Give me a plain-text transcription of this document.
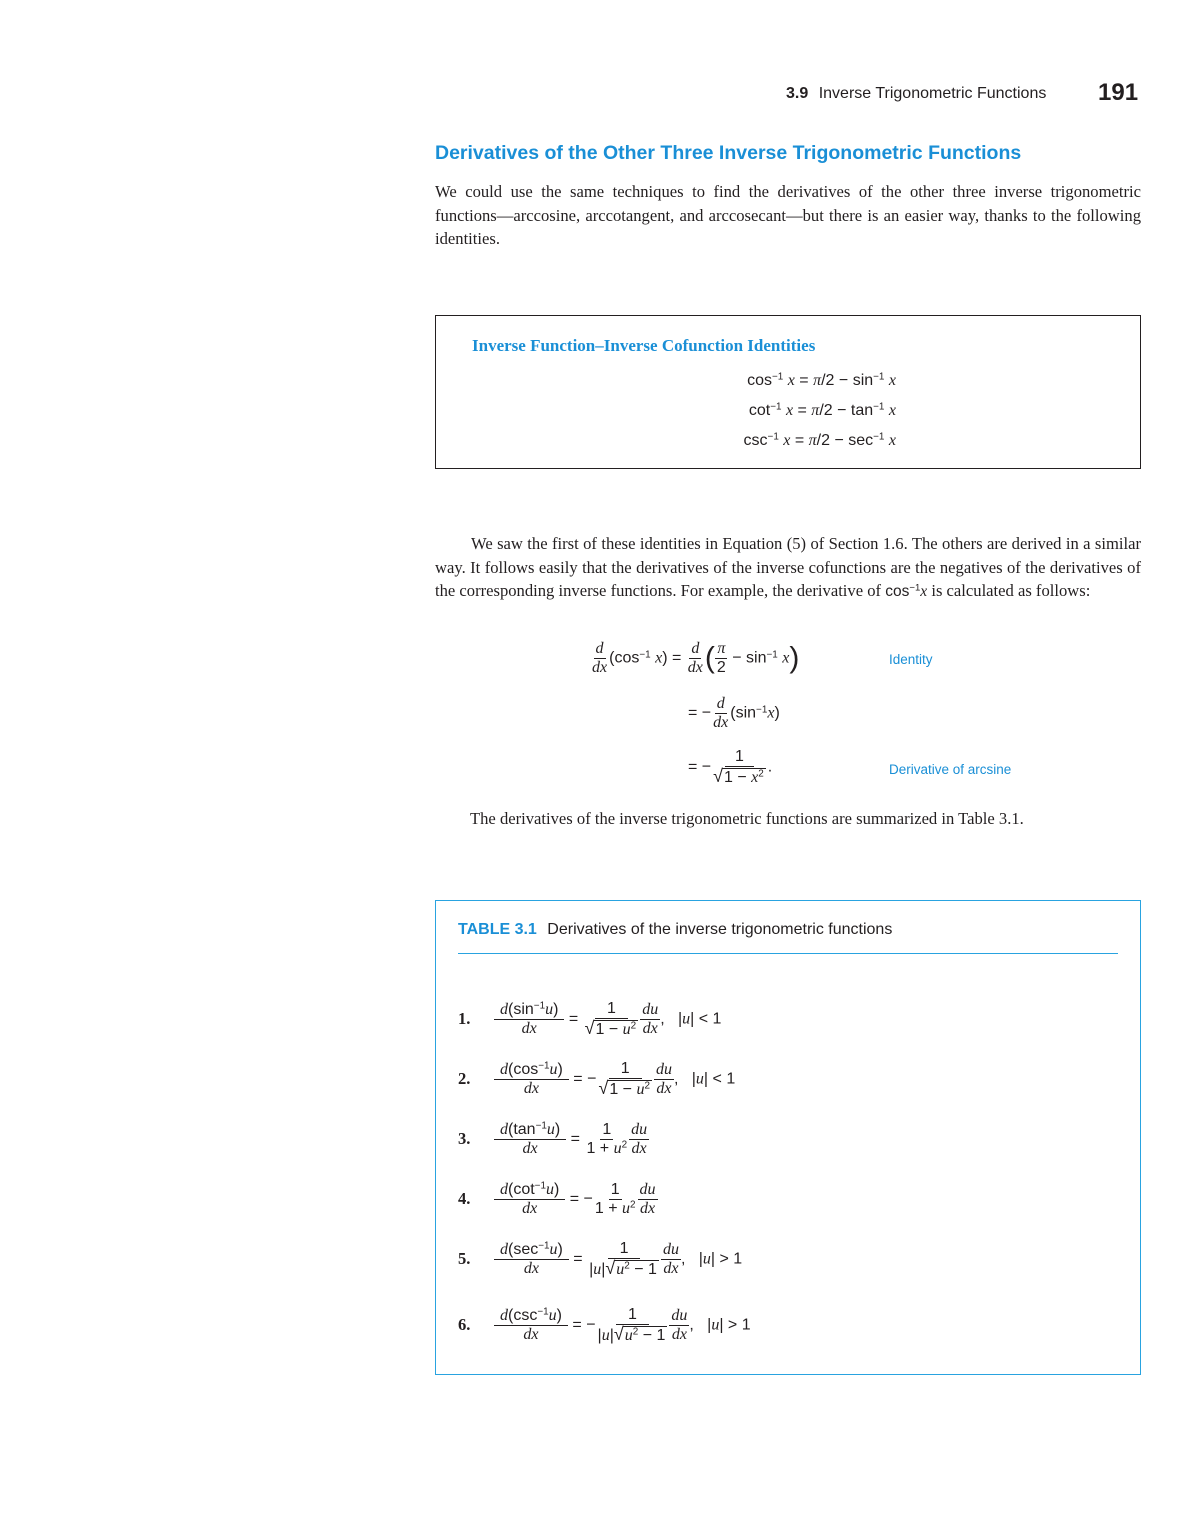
3.9 Inverse Trigonometric Functions 191
Derivatives of the Other Three Inverse Trigonometric Functions
We could use the same techniques to find the derivatives of the other three inverse trigonometric functions—arccosine, arccotangent, and arccosecant—but there is an easier way, thanks to the following identities.
Inverse Function–Inverse Cofunction Identities
$\cos^{-1} x = \pi/2 - \sin^{-1} x$
$\cot^{-1} x = \pi/2 - \tan^{-1} x$
$\csc^{-1} x = \pi/2 - \sec^{-1} x$
We saw the first of these identities in Equation (5) of Section 1.6. The others are derived in a similar way. It follows easily that the derivatives of the inverse cofunctions are the negatives of the derivatives of the corresponding inverse functions. For example, the derivative of $\cos^{-1}x$ is calculated as follows:
$\frac{d}{dx} (\cos^{-1}$ $x) = \frac{d}{dx}$ ( $\frac{\pi}{2} - \sin^{-1} x$)	Identity
= − $\frac{d}{dx} (\sin^{-1}x)$
= − $\frac{1}{√1 - x^2}$ .	Derivative of arcsine
The derivatives of the inverse trigonometric functions are summarized in Table 3.1.
TABLE 3.1 Derivatives of the inverse trigonometric functions
1.	$\frac{d(\sin^{-1}u)}{dx} = \frac{1}{√1 - u^2} \frac{du}{dx}$ ,   |u| < 1
2.	$\frac{d(\cos^{-1}u)}{dx}$ = − $\frac{1}{√1 - u^2} \frac{du}{dx}$ ,   |u| < 1
3.	$\frac{d(\tan^{-1}u)}{dx} = \frac{1}{1 + u^2} \frac{du}{dx}$
4.	$\frac{d(\cot^{-1}u)}{dx}$ = − $\frac{1}{1 + u^2} \frac{du}{dx}$
5.	$\frac{d(\sec^{-1}u)}{dx} = \frac{1}{|u|√u^2 - 1} \frac{du}{dx}$ ,   |u| > 1
6.	$\frac{d(\csc^{-1}u)}{dx}$ = − $\frac{1}{|u|√u^2 - 1} \frac{du}{dx}$ ,   |u| > 1
